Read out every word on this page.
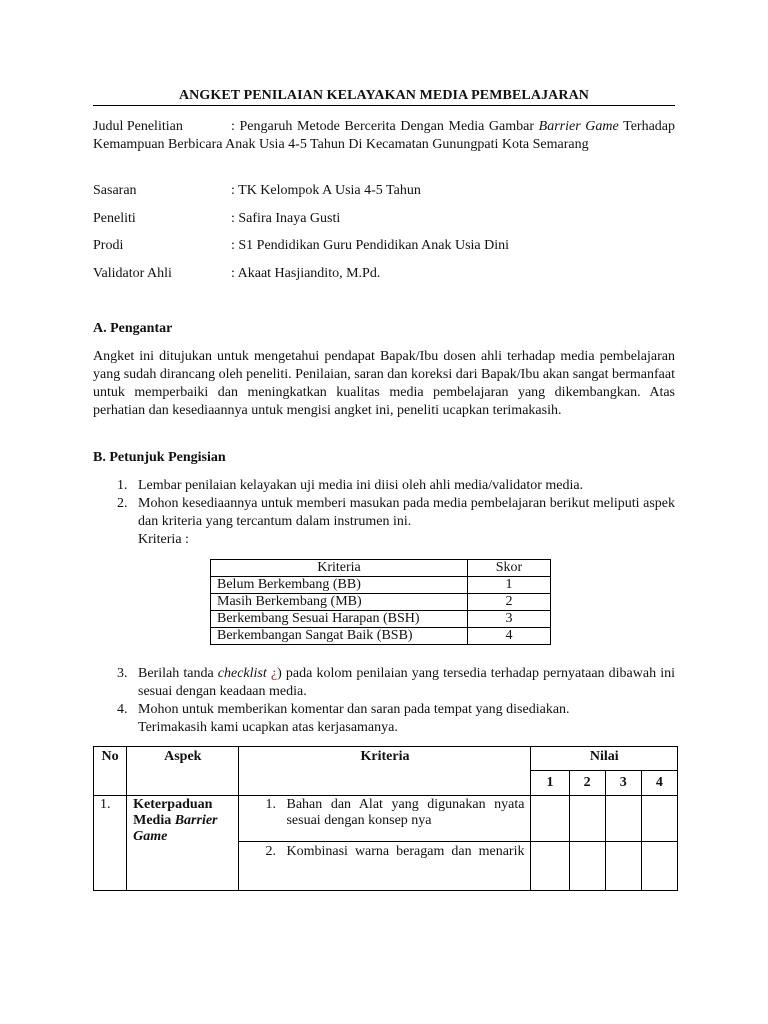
ANGKET PENILAIAN KELAYAKAN MEDIA PEMBELAJARAN
Judul Penelitian	: Pengaruh Metode Bercerita Dengan Media Gambar Barrier Game Terhadap Kemampuan Berbicara Anak Usia 4-5 Tahun Di Kecamatan Gunungpati Kota Semarang
Sasaran	: TK Kelompok A Usia 4-5 Tahun
Peneliti	: Safira Inaya Gusti
Prodi	: S1 Pendidikan Guru Pendidikan Anak Usia Dini
Validator Ahli	: Akaat Hasjiandito, M.Pd.
A. Pengantar
Angket ini ditujukan untuk mengetahui pendapat Bapak/Ibu dosen ahli terhadap media pembelajaran yang sudah dirancang oleh peneliti. Penilaian, saran dan koreksi dari Bapak/Ibu akan sangat bermanfaat untuk memperbaiki dan meningkatkan kualitas media pembelajaran yang dikembangkan. Atas perhatian dan kesediaannya untuk mengisi angket ini, peneliti ucapkan terimakasih.
B. Petunjuk Pengisian
1. Lembar penilaian kelayakan uji media ini diisi oleh ahli media/validator media.
2. Mohon kesediaannya untuk memberi masukan pada media pembelajaran berikut meliputi aspek dan kriteria yang tercantum dalam instrumen ini.
Kriteria :
Kriteria	Skor
Belum Berkembang (BB)	1
Masih Berkembang (MB)	2
Berkembang Sesuai Harapan (BSH)	3
Berkembangan Sangat Baik (BSB)	4
3. Berilah tanda checklist ¿) pada kolom penilaian yang tersedia terhadap pernyataan dibawah ini sesuai dengan keadaan media.
4. Mohon untuk memberikan komentar dan saran pada tempat yang disediakan.
Terimakasih kami ucapkan atas kerjasamanya.
No	Aspek	Kriteria	Nilai			
			1	2	3	4
1.	Keterpaduan Media Barrier Game	1. Bahan dan Alat yang digunakan nyata sesuai dengan konsep nya				

		2. Kombinasi warna beragam dan menarik				
